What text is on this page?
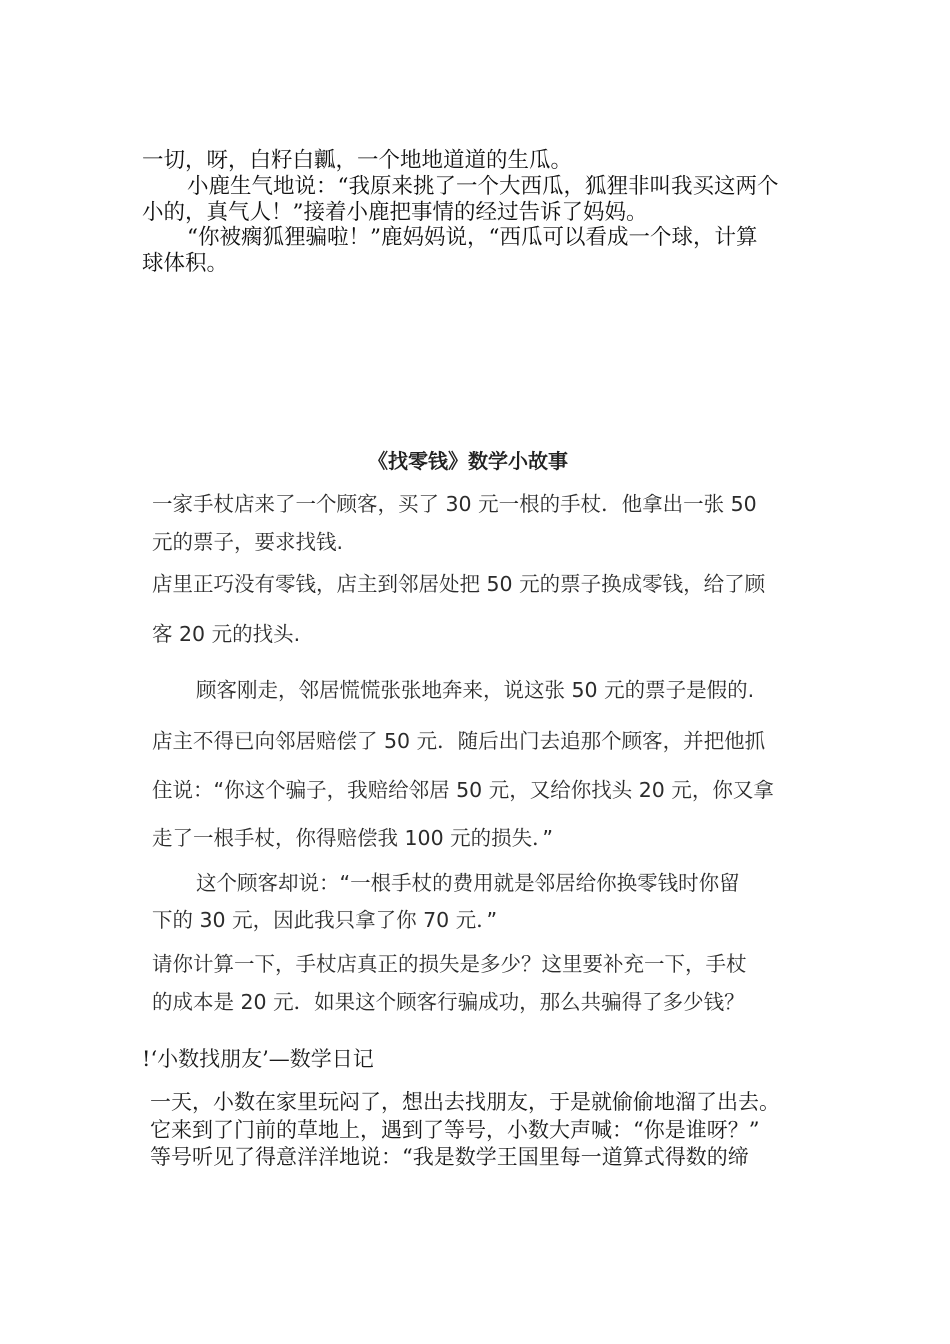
一切，呀，白籽白瓤，一个地地道道的生瓜。
小鹿生气地说：“我原来挑了一个大西瓜，狐狸非叫我买这两个
小的，真气人！”接着小鹿把事情的经过告诉了妈妈。
“你被瘸狐狸骗啦！”鹿妈妈说，“西瓜可以看成一个球，计算
球体积。
《找零钱》数学小故事
一家手杖店来了一个顾客，买了 30 元一根的手杖．他拿出一张 50
元的票子，要求找钱.
店里正巧没有零钱，店主到邻居处把 50 元的票子换成零钱，给了顾
客 20 元的找头.
顾客刚走，邻居慌慌张张地奔来，说这张 50 元的票子是假的.
店主不得已向邻居赔偿了 50 元．随后出门去追那个顾客，并把他抓
住说：“你这个骗子，我赔给邻居 50 元，又给你找头 20 元，你又拿
走了一根手杖，你得赔偿我 100 元的损失．”
这个顾客却说：“一根手杖的费用就是邻居给你换零钱时你留
下的 30 元，因此我只拿了你 70 元．”
请你计算一下，手杖店真正的损失是多少？这里要补充一下，手杖
的成本是 20 元．如果这个顾客行骗成功，那么共骗得了多少钱？
!‘小数找朋友’—数学日记
一天，小数在家里玩闷了，想出去找朋友，于是就偷偷地溜了出去。
它来到了门前的草地上，遇到了等号，小数大声喊：“你是谁呀？”
等号听见了得意洋洋地说：“我是数学王国里每一道算式得数的缔
